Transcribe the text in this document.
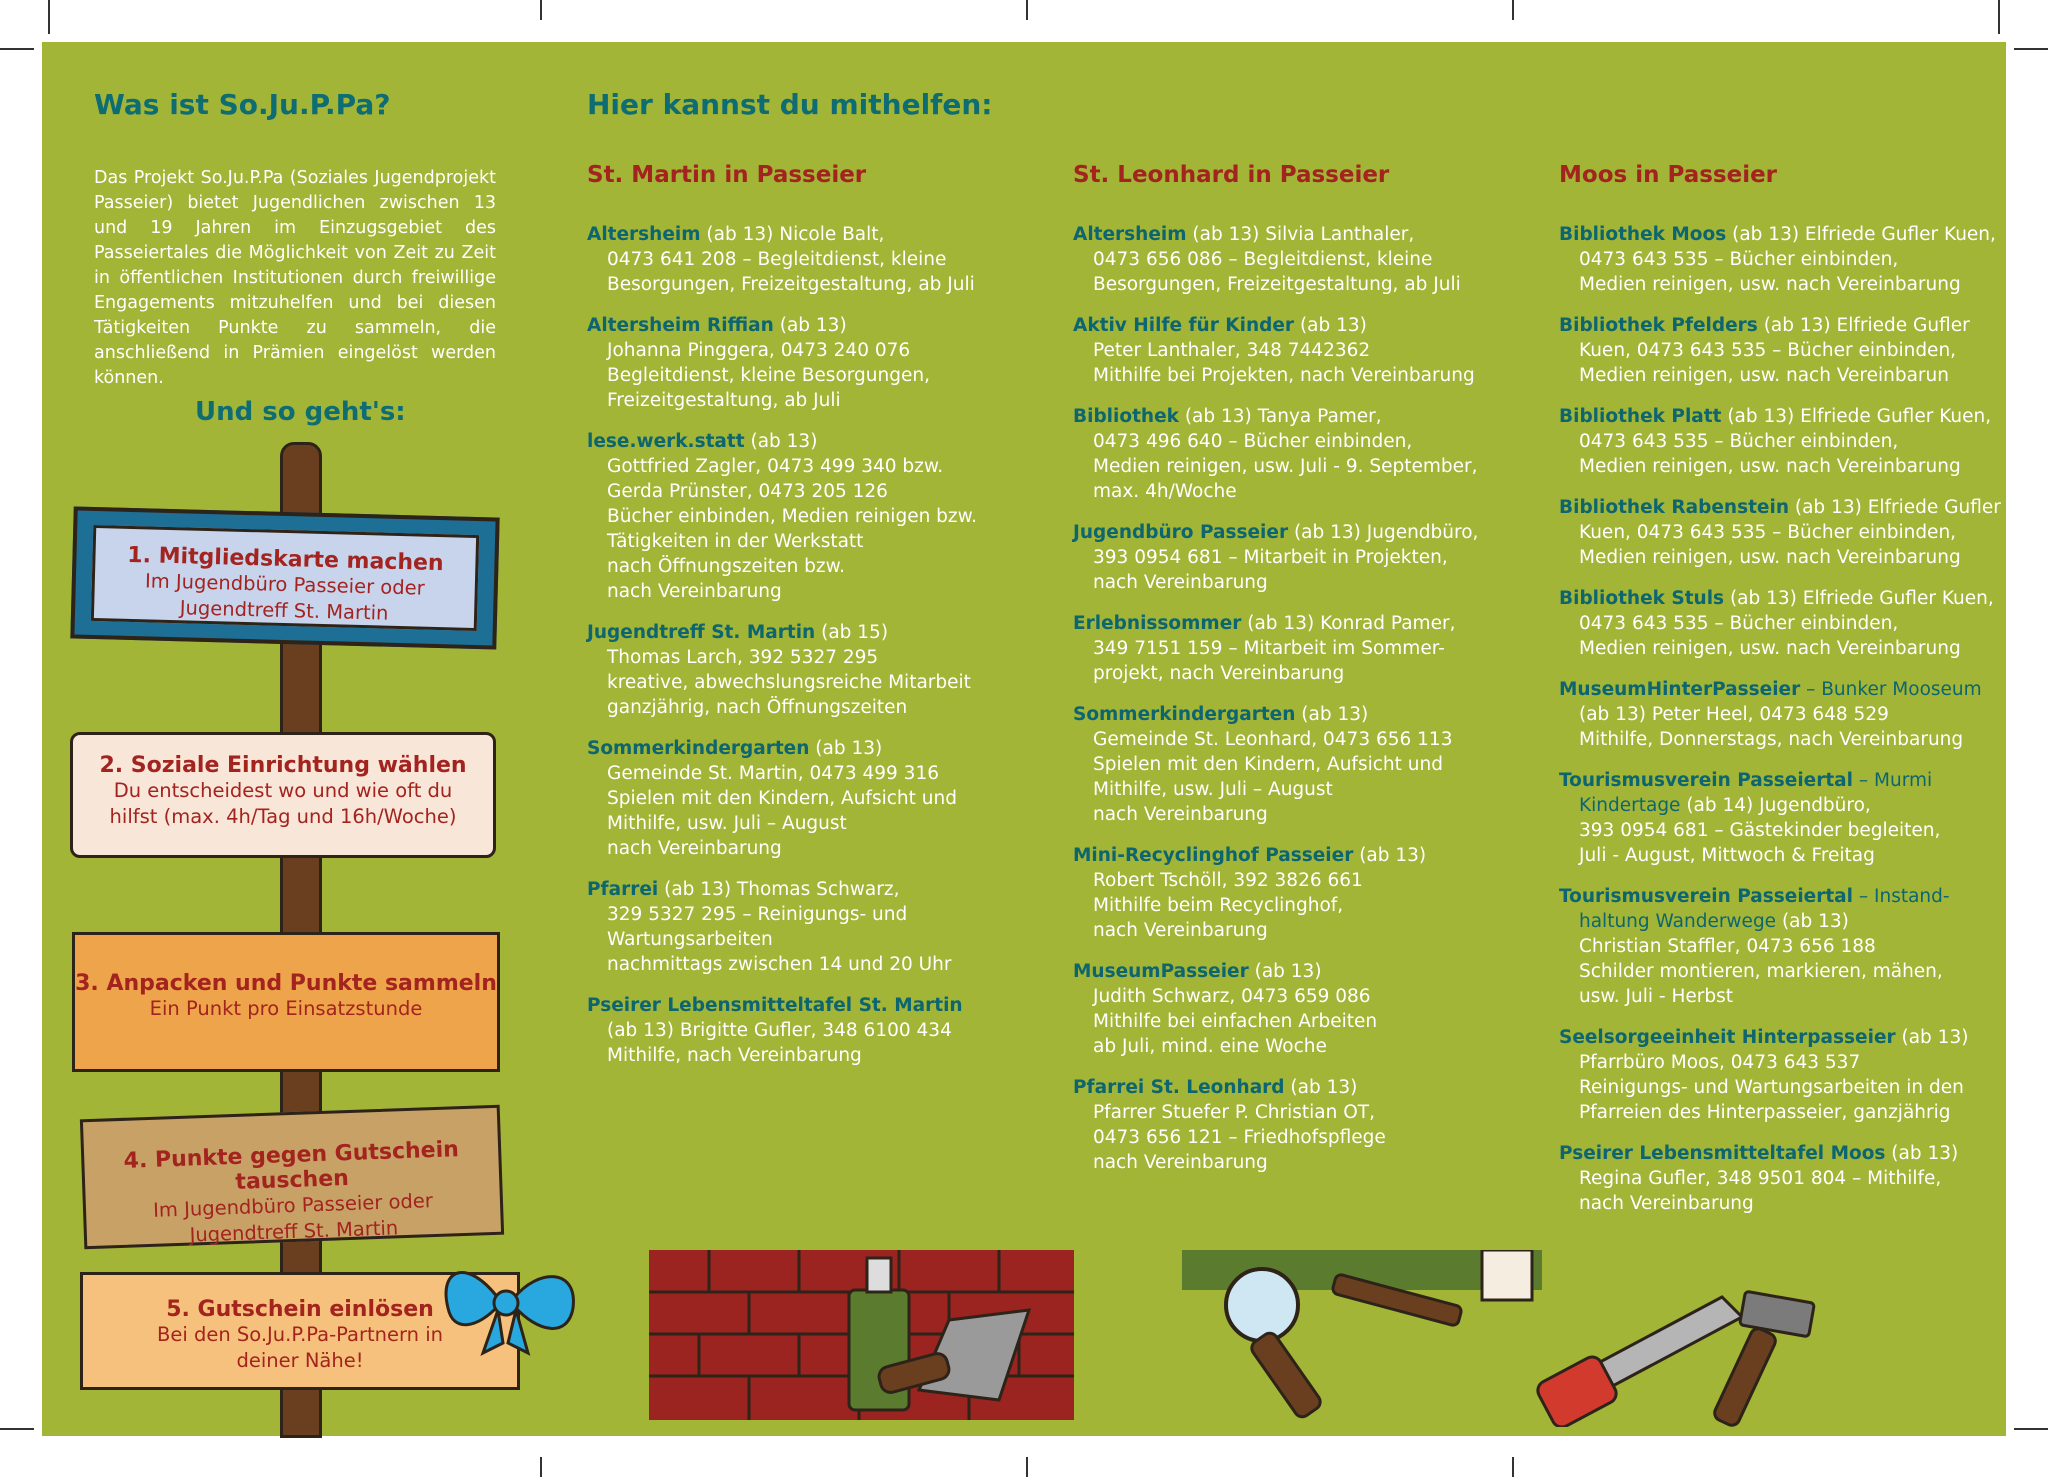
Was ist So.Ju.P.Pa?
Das Projekt So.Ju.P.Pa (Soziales Jugendprojekt Passeier) bietet Jugendlichen zwischen 13 und 19 Jahren im Einzugsgebiet des Passeiertales die Möglichkeit von Zeit zu Zeit in öffentlichen Institutionen durch freiwillige Engagements mitzuhelfen und bei diesen Tätigkeiten Punkte zu sammeln, die anschließend in Prämien eingelöst werden können.
Und so geht's:
1. Mitgliedskarte machen
Im Jugendbüro Passeier oder
Jugendtreff St. Martin
2. Soziale Einrichtung wählen
Du entscheidest wo und wie oft du
hilfst (max. 4h/Tag und 16h/Woche)
3. Anpacken und Punkte sammeln
Ein Punkt pro Einsatzstunde
4. Punkte gegen Gutschein tauschen
Im Jugendbüro Passeier oder
Jugendtreff St. Martin
5. Gutschein einlösen
Bei den So.Ju.P.Pa-Partnern in
deiner Nähe!
Hier kannst du mithelfen:
St. Martin in Passeier
Altersheim (ab 13) Nicole Balt,
0473 641 208 – Begleitdienst, kleine
Besorgungen, Freizeitgestaltung, ab Juli
Altersheim Riffian (ab 13)
Johanna Pinggera, 0473 240 076
Begleitdienst, kleine Besorgungen,
Freizeitgestaltung, ab Juli
lese.werk.statt (ab 13)
Gottfried Zagler, 0473 499 340 bzw.
Gerda Prünster, 0473 205 126
Bücher einbinden, Medien reinigen bzw.
Tätigkeiten in der Werkstatt
nach Öffnungszeiten bzw.
nach Vereinbarung
Jugendtreff St. Martin (ab 15)
Thomas Larch, 392 5327 295
kreative, abwechslungsreiche Mitarbeit
ganzjährig, nach Öffnungszeiten
Sommerkindergarten (ab 13)
Gemeinde St. Martin, 0473 499 316
Spielen mit den Kindern, Aufsicht und
Mithilfe, usw. Juli – August
nach Vereinbarung
Pfarrei (ab 13) Thomas Schwarz,
329 5327 295 – Reinigungs- und
Wartungsarbeiten
nachmittags zwischen 14 und 20 Uhr
Pseirer Lebensmitteltafel St. Martin
(ab 13) Brigitte Gufler, 348 6100 434
Mithilfe, nach Vereinbarung
St. Leonhard in Passeier
Altersheim (ab 13) Silvia Lanthaler,
0473 656 086 – Begleitdienst, kleine
Besorgungen, Freizeitgestaltung, ab Juli
Aktiv Hilfe für Kinder (ab 13)
Peter Lanthaler, 348 7442362
Mithilfe bei Projekten, nach Vereinbarung
Bibliothek (ab 13) Tanya Pamer,
0473 496 640 – Bücher einbinden,
Medien reinigen, usw. Juli - 9. September,
max. 4h/Woche
Jugendbüro Passeier (ab 13) Jugendbüro,
393 0954 681 – Mitarbeit in Projekten,
nach Vereinbarung
Erlebnissommer (ab 13) Konrad Pamer,
349 7151 159 – Mitarbeit im Sommer-
projekt, nach Vereinbarung
Sommerkindergarten (ab 13)
Gemeinde St. Leonhard, 0473 656 113
Spielen mit den Kindern, Aufsicht und
Mithilfe, usw. Juli – August
nach Vereinbarung
Mini-Recyclinghof Passeier (ab 13)
Robert Tschöll, 392 3826 661
Mithilfe beim Recyclinghof,
nach Vereinbarung
MuseumPasseier (ab 13)
Judith Schwarz, 0473 659 086
Mithilfe bei einfachen Arbeiten
ab Juli, mind. eine Woche
Pfarrei St. Leonhard (ab 13)
Pfarrer Stuefer P. Christian OT,
0473 656 121 – Friedhofspflege
nach Vereinbarung
Moos in Passeier
Bibliothek Moos (ab 13) Elfriede Gufler Kuen,
0473 643 535 – Bücher einbinden,
Medien reinigen, usw. nach Vereinbarung
Bibliothek Pfelders (ab 13) Elfriede Gufler
Kuen, 0473 643 535 – Bücher einbinden,
Medien reinigen, usw. nach Vereinbarun
Bibliothek Platt (ab 13) Elfriede Gufler Kuen,
0473 643 535 – Bücher einbinden,
Medien reinigen, usw. nach Vereinbarung
Bibliothek Rabenstein (ab 13) Elfriede Gufler
Kuen, 0473 643 535 – Bücher einbinden,
Medien reinigen, usw. nach Vereinbarung
Bibliothek Stuls (ab 13) Elfriede Gufler Kuen,
0473 643 535 – Bücher einbinden,
Medien reinigen, usw. nach Vereinbarung
MuseumHinterPasseier – Bunker Mooseum
(ab 13) Peter Heel, 0473 648 529
Mithilfe, Donnerstags, nach Vereinbarung
Tourismusverein Passeiertal – Murmi
Kindertage (ab 14) Jugendbüro,
393 0954 681 – Gästekinder begleiten,
Juli - August, Mittwoch & Freitag
Tourismusverein Passeiertal – Instand-
haltung Wanderwege (ab 13)
Christian Staffler, 0473 656 188
Schilder montieren, markieren, mähen,
usw. Juli - Herbst
Seelsorgeeinheit Hinterpasseier (ab 13)
Pfarrbüro Moos, 0473 643 537
Reinigungs- und Wartungsarbeiten in den
Pfarreien des Hinterpasseier, ganzjährig
Pseirer Lebensmitteltafel Moos (ab 13)
Regina Gufler, 348 9501 804 – Mithilfe,
nach Vereinbarung
